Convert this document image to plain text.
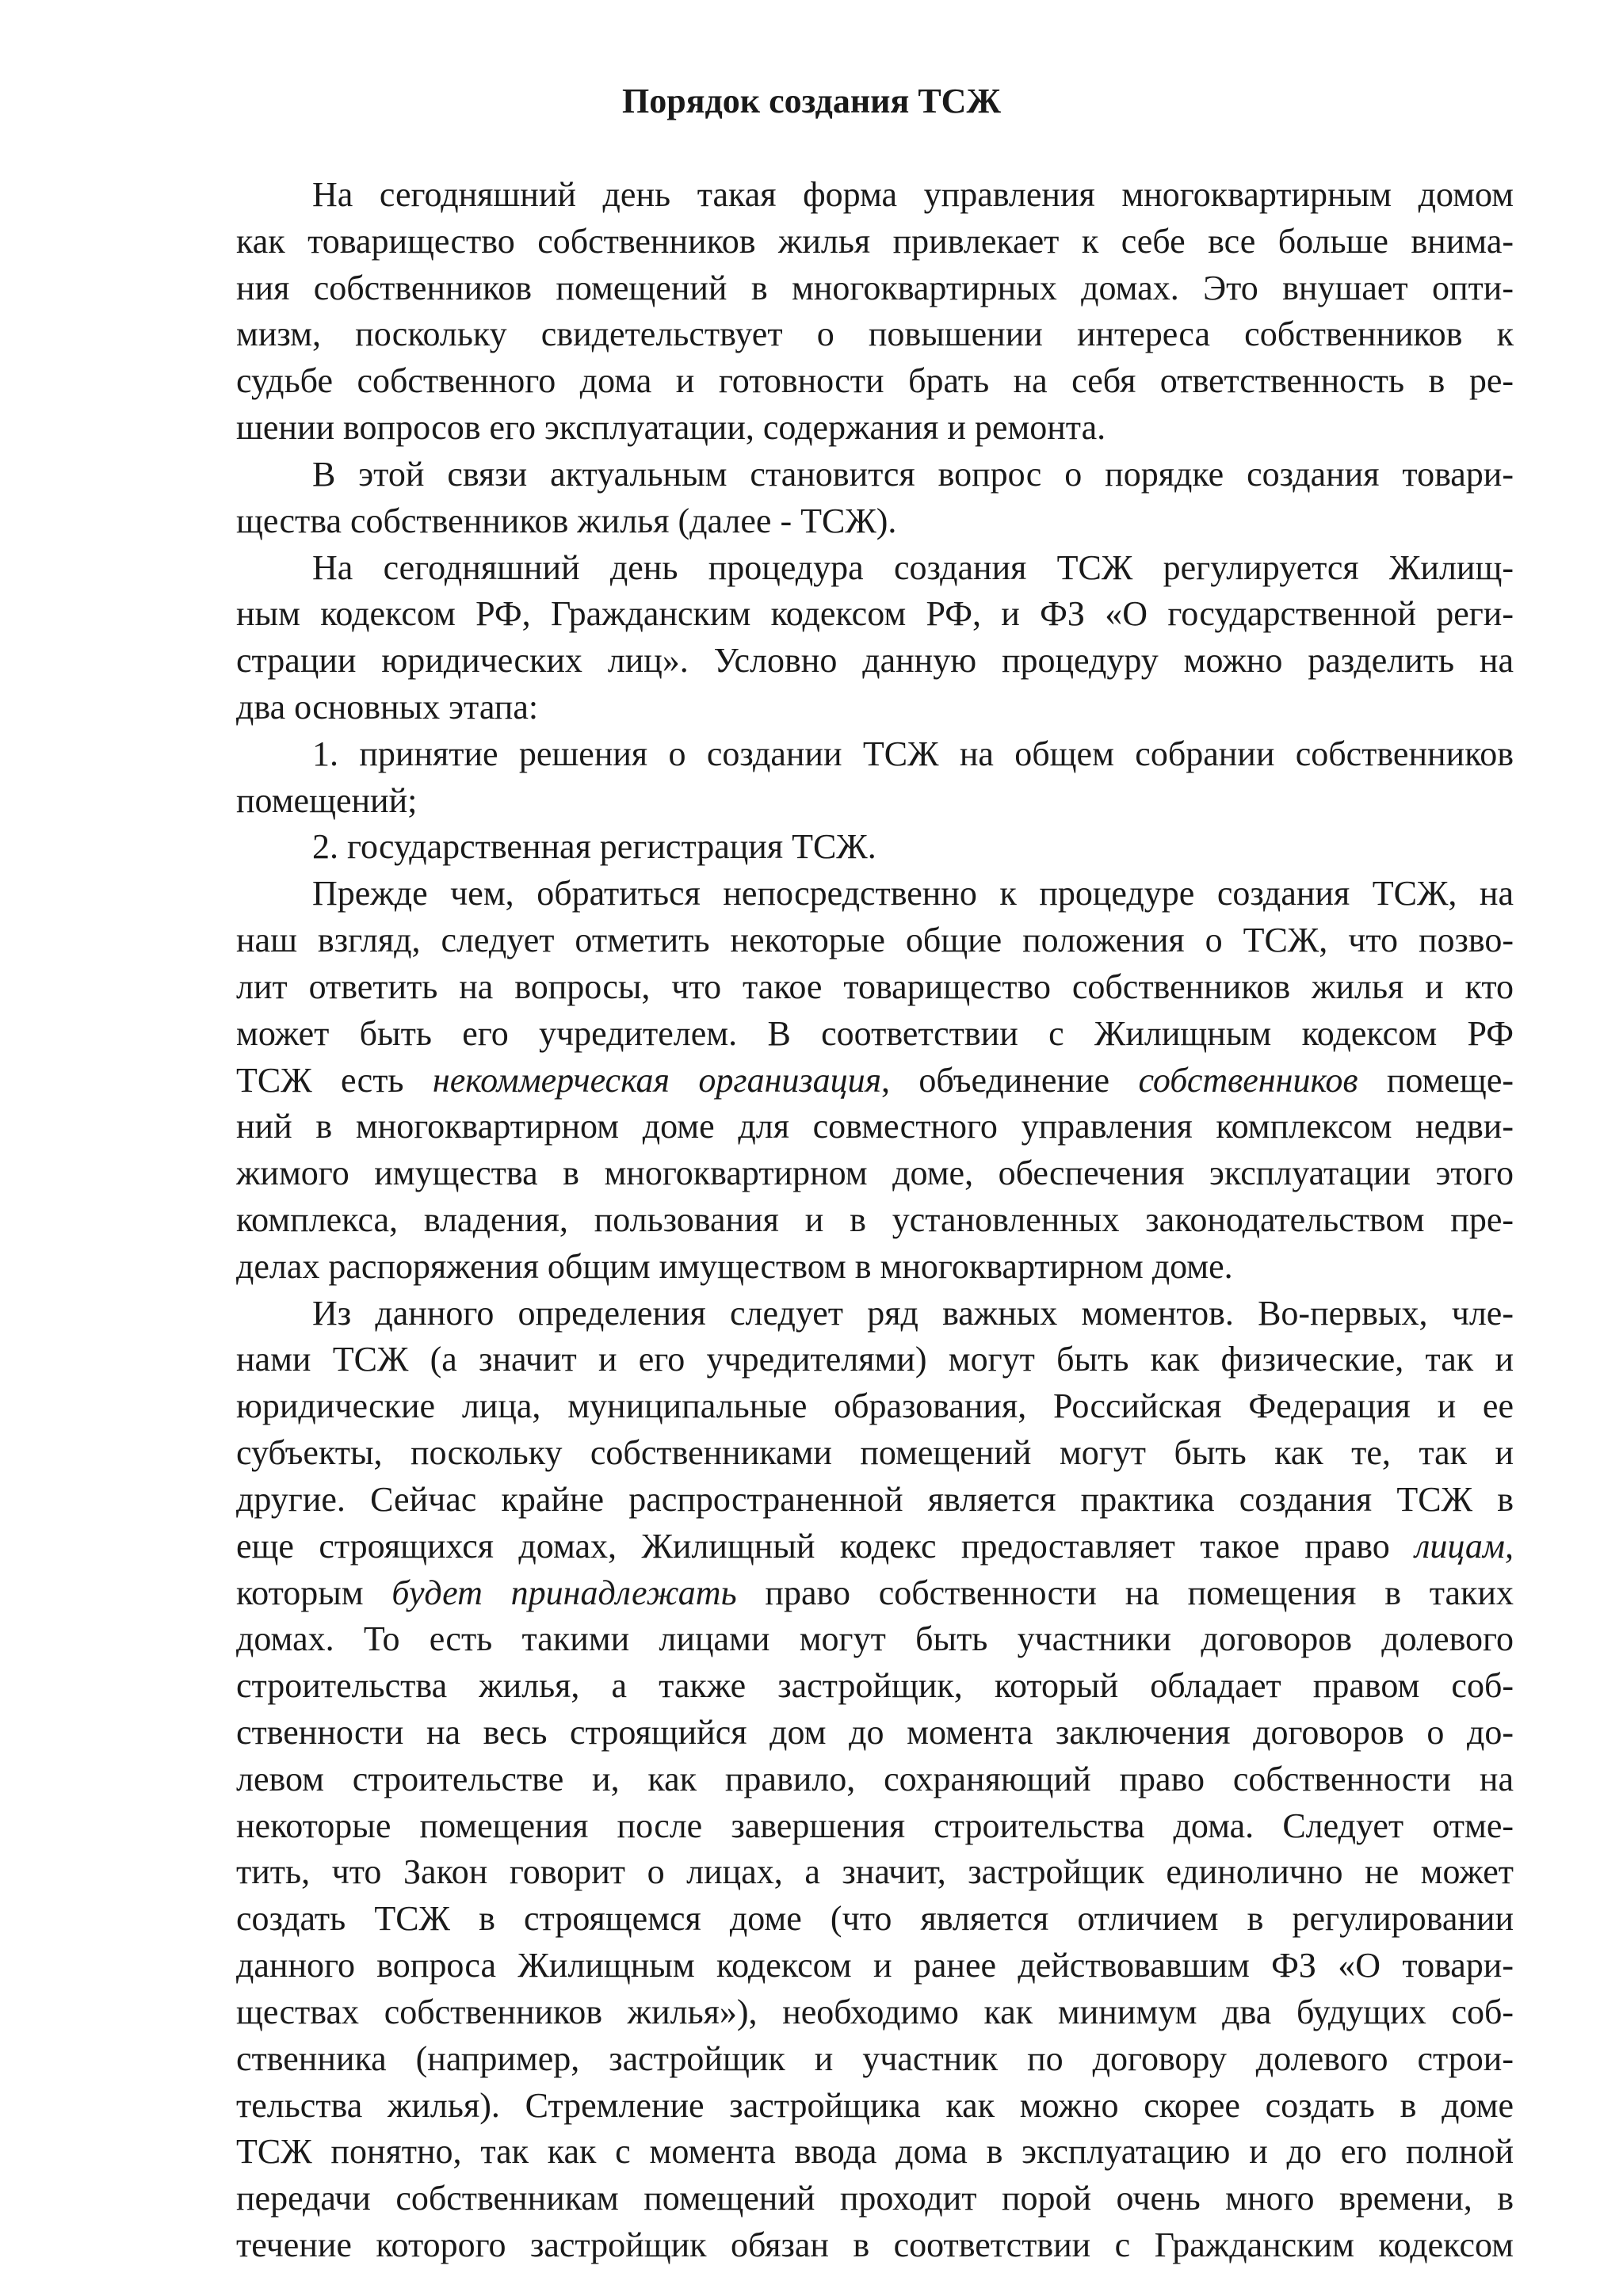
Порядок создания ТСЖ
На сегодняшний день такая форма управления многоквартирным домом
как товарищество собственников жилья привлекает к себе все больше внима-
ния собственников помещений в многоквартирных домах. Это внушает опти-
мизм, поскольку свидетельствует о повышении интереса собственников к
судьбе собственного дома и готовности брать на себя ответственность в ре-
шении вопросов его эксплуатации, содержания и ремонта.
В этой связи актуальным становится вопрос о порядке создания товари-
щества собственников жилья (далее - ТСЖ).
На сегодняшний день процедура создания ТСЖ регулируется Жилищ-
ным кодексом РФ, Гражданским кодексом РФ, и ФЗ «О государственной реги-
страции юридических лиц». Условно данную процедуру можно разделить на
два основных этапа:
1. принятие решения о создании ТСЖ на общем собрании собственников
помещений;
2. государственная регистрация ТСЖ.
Прежде чем, обратиться непосредственно к процедуре создания ТСЖ, на
наш взгляд, следует отметить некоторые общие положения о ТСЖ, что позво-
лит ответить на вопросы, что такое товарищество собственников жилья и кто
может быть его учредителем. В соответствии с Жилищным кодексом РФ
ТСЖ есть некоммерческая организация, объединение собственников помеще-
ний в многоквартирном доме для совместного управления комплексом недви-
жимого имущества в многоквартирном доме, обеспечения эксплуатации этого
комплекса, владения, пользования и в установленных законодательством пре-
делах распоряжения общим имуществом в многоквартирном доме.
Из данного определения следует ряд важных моментов. Во-первых, чле-
нами ТСЖ (а значит и его учредителями) могут быть как физические, так и
юридические лица, муниципальные образования, Российская Федерация и ее
субъекты, поскольку собственниками помещений могут быть как те, так и
другие. Сейчас крайне распространенной является практика создания ТСЖ в
еще строящихся домах, Жилищный кодекс предоставляет такое право лицам,
которым будет принадлежать право собственности на помещения в таких
домах. То есть такими лицами могут быть участники договоров долевого
строительства жилья, а также застройщик, который обладает правом соб-
ственности на весь строящийся дом до момента заключения договоров о до-
левом строительстве и, как правило, сохраняющий право собственности на
некоторые помещения после завершения строительства дома. Следует отме-
тить, что Закон говорит о лицах, а значит, застройщик единолично не может
создать ТСЖ в строящемся доме (что является отличием в регулировании
данного вопроса Жилищным кодексом и ранее действовавшим ФЗ «О товари-
ществах собственников жилья»), необходимо как минимум два будущих соб-
ственника (например, застройщик и участник по договору долевого строи-
тельства жилья). Стремление застройщика как можно скорее создать в доме
ТСЖ понятно, так как с момента ввода дома в эксплуатацию и до его полной
передачи собственникам помещений проходит порой очень много времени, в
течение которого застройщик обязан в соответствии с Гражданским кодексом
